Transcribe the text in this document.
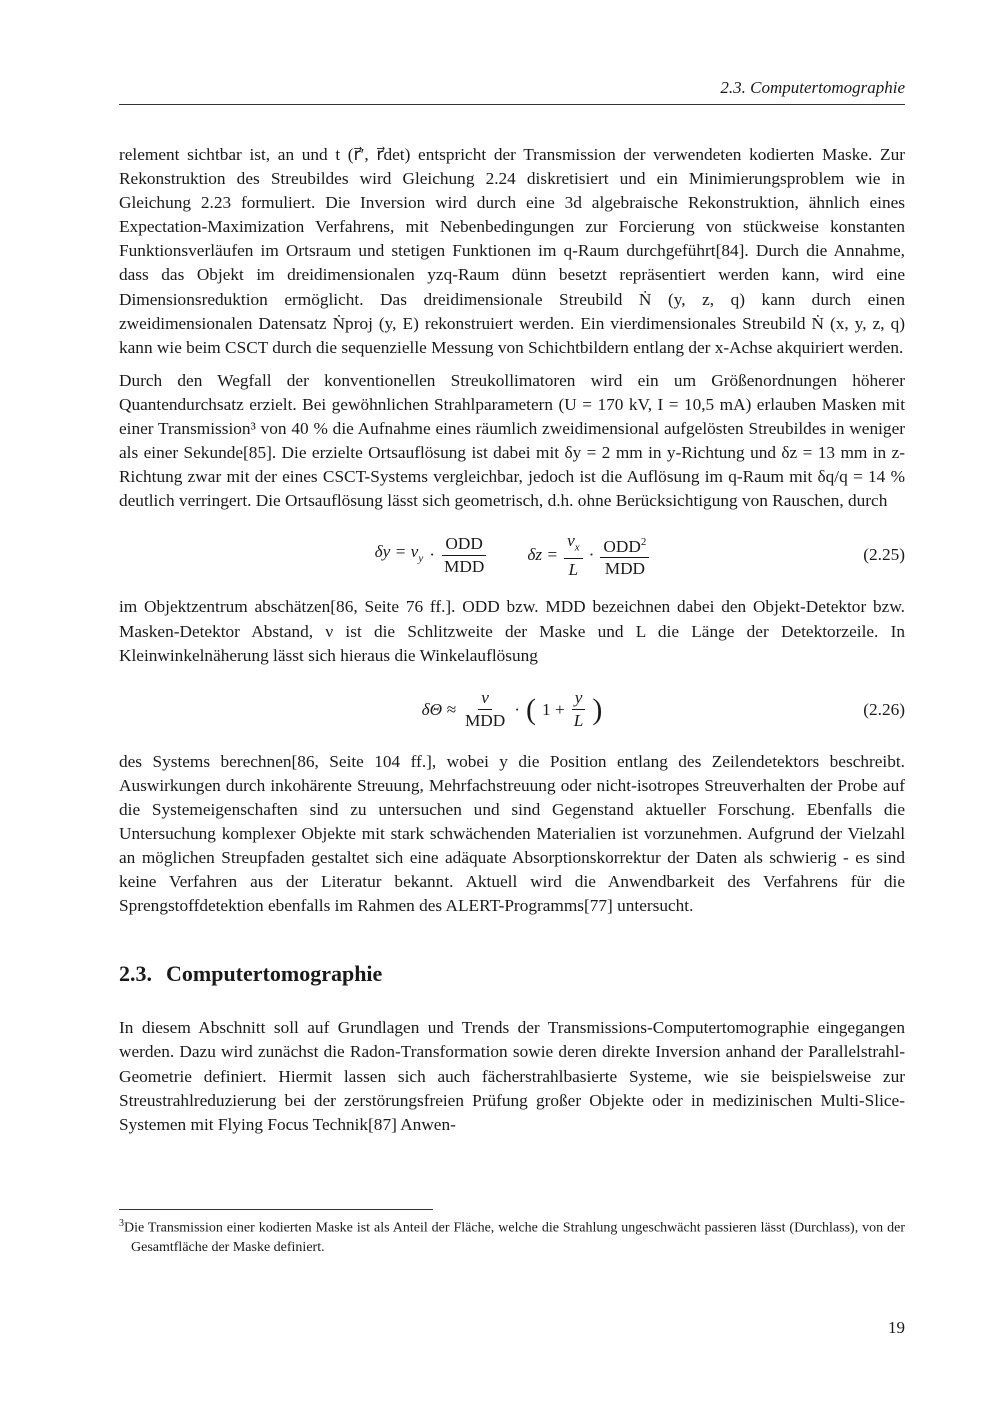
2.3. Computertomographie

relement sichtbar ist, an und t (r⃗′, r⃗det) entspricht der Transmission der verwendeten kodierten Maske. Zur Rekonstruktion des Streubildes wird Gleichung 2.24 diskretisiert und ein Minimierungsproblem wie in Gleichung 2.23 formuliert. Die Inversion wird durch eine 3d algebraische Rekonstruktion, ähnlich eines Expectation-Maximization Verfahrens, mit Nebenbedingungen zur Forcierung von stückweise konstanten Funktionsverläufen im Ortsraum und stetigen Funktionen im q-Raum durchgeführt[84]. Durch die Annahme, dass das Objekt im dreidimensionalen yzq-Raum dünn besetzt repräsentiert werden kann, wird eine Dimensionsreduktion ermöglicht. Das dreidimensionale Streubild Ṅ (y, z, q) kann durch einen zweidimensionalen Datensatz Ṅproj (y, E) rekonstruiert werden. Ein vierdimensionales Streubild Ṅ (x, y, z, q) kann wie beim CSCT durch die sequenzielle Messung von Schichtbildern entlang der x-Achse akquiriert werden.

Durch den Wegfall der konventionellen Streukollimatoren wird ein um Größenordnungen höherer Quantendurchsatz erzielt. Bei gewöhnlichen Strahlparametern (U = 170 kV, I = 10,5 mA) erlauben Masken mit einer Transmission³ von 40 % die Aufnahme eines räumlich zweidimensional aufgelösten Streubildes in weniger als einer Sekunde[85]. Die erzielte Ortsauflösung ist dabei mit δy = 2 mm in y-Richtung und δz = 13 mm in z-Richtung zwar mit der eines CSCT-Systems vergleichbar, jedoch ist die Auflösung im q-Raum mit δq/q = 14 % deutlich verringert. Die Ortsauflösung lässt sich geometrisch, d.h. ohne Berücksichtigung von Rauschen, durch

$\delta y = \nu_y \cdot \frac{\text{ODD}}{\text{MDD}}$ $\delta z = \frac{\nu_x}{L} \cdot \frac{ODD^2}{\text{MDD}}$	(2.25)

im Objektzentrum abschätzen[86, Seite 76 ff.]. ODD bzw. MDD bezeichnen dabei den Objekt-Detektor bzw. Masken-Detektor Abstand, ν ist die Schlitzweite der Maske und L die Länge der Detektorzeile. In Kleinwinkelnäherung lässt sich hieraus die Winkelauflösung

$\delta\Theta \approx \frac{\nu}{\text{MDD}}$ · ( $1 + \frac{y}{L}$ )	(2.26)

des Systems berechnen[86, Seite 104 ff.], wobei y die Position entlang des Zeilendetektors beschreibt. Auswirkungen durch inkohärente Streuung, Mehrfachstreuung oder nicht-isotropes Streuverhalten der Probe auf die Systemeigenschaften sind zu untersuchen und sind Gegenstand aktueller Forschung. Ebenfalls die Untersuchung komplexer Objekte mit stark schwächenden Materialien ist vorzunehmen. Aufgrund der Vielzahl an möglichen Streupfaden gestaltet sich eine adäquate Absorptionskorrektur der Daten als schwierig - es sind keine Verfahren aus der Literatur bekannt. Aktuell wird die Anwendbarkeit des Verfahrens für die Sprengstoffdetektion ebenfalls im Rahmen des ALERT-Programms[77] untersucht.

2.3. Computertomographie

In diesem Abschnitt soll auf Grundlagen und Trends der Transmissions-Computertomographie eingegangen werden. Dazu wird zunächst die Radon-Transformation sowie deren direkte Inversion anhand der Parallelstrahl-Geometrie definiert. Hiermit lassen sich auch fächerstrahlbasierte Systeme, wie sie beispielsweise zur Streustrahlreduzierung bei der zerstörungsfreien Prüfung großer Objekte oder in medizinischen Multi-Slice-Systemen mit Flying Focus Technik[87] Anwen-

$^3$Die Transmission einer kodierten Maske ist als Anteil der Fläche, welche die Strahlung ungeschwächt passieren lässt (Durchlass), von der Gesamtfläche der Maske definiert.
19
